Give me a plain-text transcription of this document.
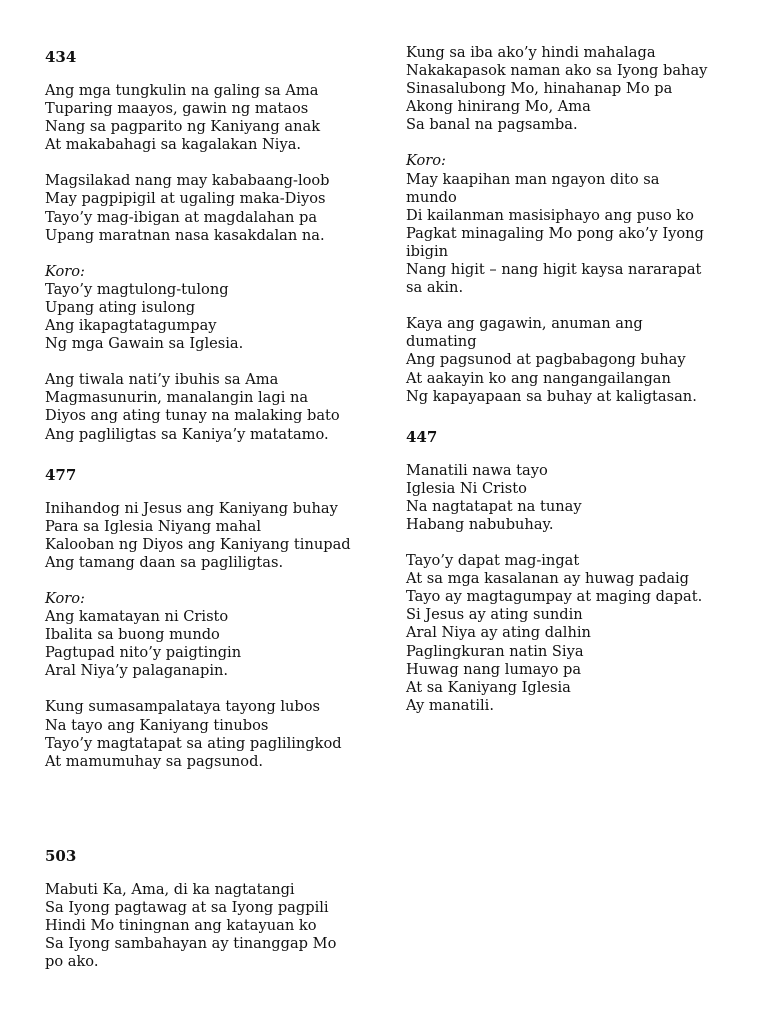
434
Ang mga tungkulin na galing sa Ama
Tuparing maayos, gawin ng mataos
Nang sa pagparito ng Kaniyang anak
At makabahagi sa kagalakan Niya.
Magsilakad nang may kababaang-loob
May pagpipigil at ugaling maka-Diyos
Tayo’y mag-ibigan at magdalahan pa
Upang maratnan nasa kasakdalan na.
Koro:
Tayo’y magtulong-tulong
Upang ating isulong
Ang ikapagtatagumpay
Ng mga Gawain sa Iglesia.
Ang tiwala nati’y ibuhis sa Ama
Magmasunurin, manalangin lagi na
Diyos ang ating tunay na malaking bato
Ang pagliligtas sa Kaniya’y matatamo.
477
Inihandog ni Jesus ang Kaniyang buhay
Para sa Iglesia Niyang mahal
Kalooban ng Diyos ang Kaniyang tinupad
Ang tamang daan sa pagliligtas.
Koro:
Ang kamatayan ni Cristo
Ibalita sa buong mundo
Pagtupad nito’y paigtingin
Aral Niya’y palaganapin.
Kung sumasampalataya tayong lubos
Na tayo ang Kaniyang tinubos
Tayo’y magtatapat sa ating paglilingkod
At mamumuhay sa pagsunod.
503
Mabuti Ka, Ama, di ka nagtatangi
Sa Iyong pagtawag at sa Iyong pagpili
Hindi Mo tiningnan ang katayuan ko
Sa Iyong sambahayan ay tinanggap Mo
po ako.
Kung sa iba ako’y hindi mahalaga
Nakakapasok naman ako sa Iyong bahay
Sinasalubong Mo, hinahanap Mo pa
Akong hinirang Mo, Ama
Sa banal na pagsamba.
Koro:
May kaapihan man ngayon dito sa
mundo
Di kailanman masisiphayo ang puso ko
Pagkat minagaling Mo pong ako’y Iyong
ibigin
Nang higit – nang higit kaysa nararapat
sa akin.
Kaya ang gagawin, anuman ang
dumating
Ang pagsunod at pagbabagong buhay
At aakayin ko ang nangangailangan
Ng kapayapaan sa buhay at kaligtasan.
447
Manatili nawa tayo
Iglesia Ni Cristo
Na nagtatapat na tunay
Habang nabubuhay.
Tayo’y dapat mag-ingat
At sa mga kasalanan ay huwag padaig
Tayo ay magtagumpay at maging dapat.
Si Jesus ay ating sundin
Aral Niya ay ating dalhin
Paglingkuran natin Siya
Huwag nang lumayo pa
At sa Kaniyang Iglesia
Ay manatili.
